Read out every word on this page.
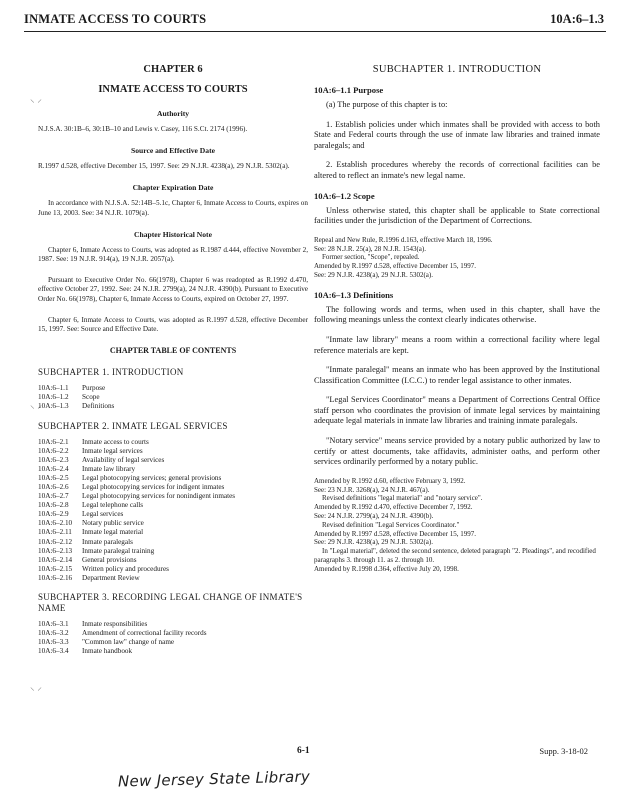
INMATE ACCESS TO COURTS	10A:6–1.3
⸜ ⸝
⸜ ⸝
⸜ ⸝
CHAPTER 6
INMATE ACCESS TO COURTS
Authority
N.J.S.A. 30:1B–6, 30:1B–10 and Lewis v. Casey, 116 S.Ct. 2174 (1996).
Source and Effective Date
R.1997 d.528, effective December 15, 1997. See: 29 N.J.R. 4238(a), 29 N.J.R. 5302(a).
Chapter Expiration Date
In accordance with N.J.S.A. 52:14B–5.1c, Chapter 6, Inmate Access to Courts, expires on June 13, 2003. See: 34 N.J.R. 1079(a).
Chapter Historical Note
Chapter 6, Inmate Access to Courts, was adopted as R.1987 d.444, effective November 2, 1987. See: 19 N.J.R. 914(a), 19 N.J.R. 2057(a).
Pursuant to Executive Order No. 66(1978), Chapter 6 was readopted as R.1992 d.470, effective October 27, 1992. See: 24 N.J.R. 2799(a), 24 N.J.R. 4390(b). Pursuant to Executive Order No. 66(1978), Chapter 6, Inmate Access to Courts, expired on October 27, 1997.
Chapter 6, Inmate Access to Courts, was adopted as R.1997 d.528, effective December 15, 1997. See: Source and Effective Date.
CHAPTER TABLE OF CONTENTS
SUBCHAPTER 1. INTRODUCTION
10A:6–1.1	Purpose
10A:6–1.2	Scope
10A:6–1.3	Definitions
SUBCHAPTER 2. INMATE LEGAL SERVICES
10A:6–2.1	Inmate access to courts
10A:6–2.2	Inmate legal services
10A:6–2.3	Availability of legal services
10A:6–2.4	Inmate law library
10A:6–2.5	Legal photocopying services; general provisions
10A:6–2.6	Legal photocopying services for indigent inmates
10A:6–2.7	Legal photocopying services for nonindigent inmates
10A:6–2.8	Legal telephone calls
10A:6–2.9	Legal services
10A:6–2.10	Notary public service
10A:6–2.11	Inmate legal material
10A:6–2.12	Inmate paralegals
10A:6–2.13	Inmate paralegal training
10A:6–2.14	General provisions
10A:6–2.15	Written policy and procedures
10A:6–2.16	Department Review
SUBCHAPTER 3. RECORDING LEGAL CHANGE OF INMATE'S NAME
10A:6–3.1	Inmate responsibilities
10A:6–3.2	Amendment of correctional facility records
10A:6–3.3	"Common law" change of name
10A:6–3.4	Inmate handbook
SUBCHAPTER 1. INTRODUCTION
10A:6–1.1 Purpose
(a) The purpose of this chapter is to:
1. Establish policies under which inmates shall be provided with access to both State and Federal courts through the use of inmate law libraries and trained inmate paralegals; and
2. Establish procedures whereby the records of correctional facilities can be altered to reflect an inmate's new legal name.
10A:6–1.2 Scope
Unless otherwise stated, this chapter shall be applicable to State correctional facilities under the jurisdiction of the Department of Corrections.
Repeal and New Rule, R.1996 d.163, effective March 18, 1996.
See: 28 N.J.R. 25(a), 28 N.J.R. 1543(a).
Former section, "Scope", repealed.
Amended by R.1997 d.528, effective December 15, 1997.
See: 29 N.J.R. 4238(a), 29 N.J.R. 5302(a).
10A:6–1.3 Definitions
The following words and terms, when used in this chapter, shall have the following meanings unless the context clearly indicates otherwise.
"Inmate law library" means a room within a correctional facility where legal reference materials are kept.
"Inmate paralegal" means an inmate who has been approved by the Institutional Classification Committee (I.C.C.) to render legal assistance to other inmates.
"Legal Services Coordinator" means a Department of Corrections Central Office staff person who coordinates the provision of inmate legal services by maintaining adequate legal materials in inmate law libraries and training inmate paralegals.
"Notary service" means service provided by a notary public authorized by law to certify or attest documents, take affidavits, administer oaths, and perform other services ordinarily performed by a notary public.
Amended by R.1992 d.60, effective February 3, 1992.
See: 23 N.J.R. 3268(a), 24 N.J.R. 467(a).
Revised definitions "legal material" and "notary service".
Amended by R.1992 d.470, effective December 7, 1992.
See: 24 N.J.R. 2799(a), 24 N.J.R. 4390(b).
Revised definition "Legal Services Coordinator."
Amended by R.1997 d.528, effective December 15, 1997.
See: 29 N.J.R. 4238(a), 29 N.J.R. 5302(a).
In "Legal material", deleted the second sentence, deleted paragraph "2. Pleadings", and recodified paragraphs 3. through 11. as 2. through 10.
Amended by R.1998 d.364, effective July 20, 1998.
6-1	Supp. 3-18-02
New Jersey State Library
